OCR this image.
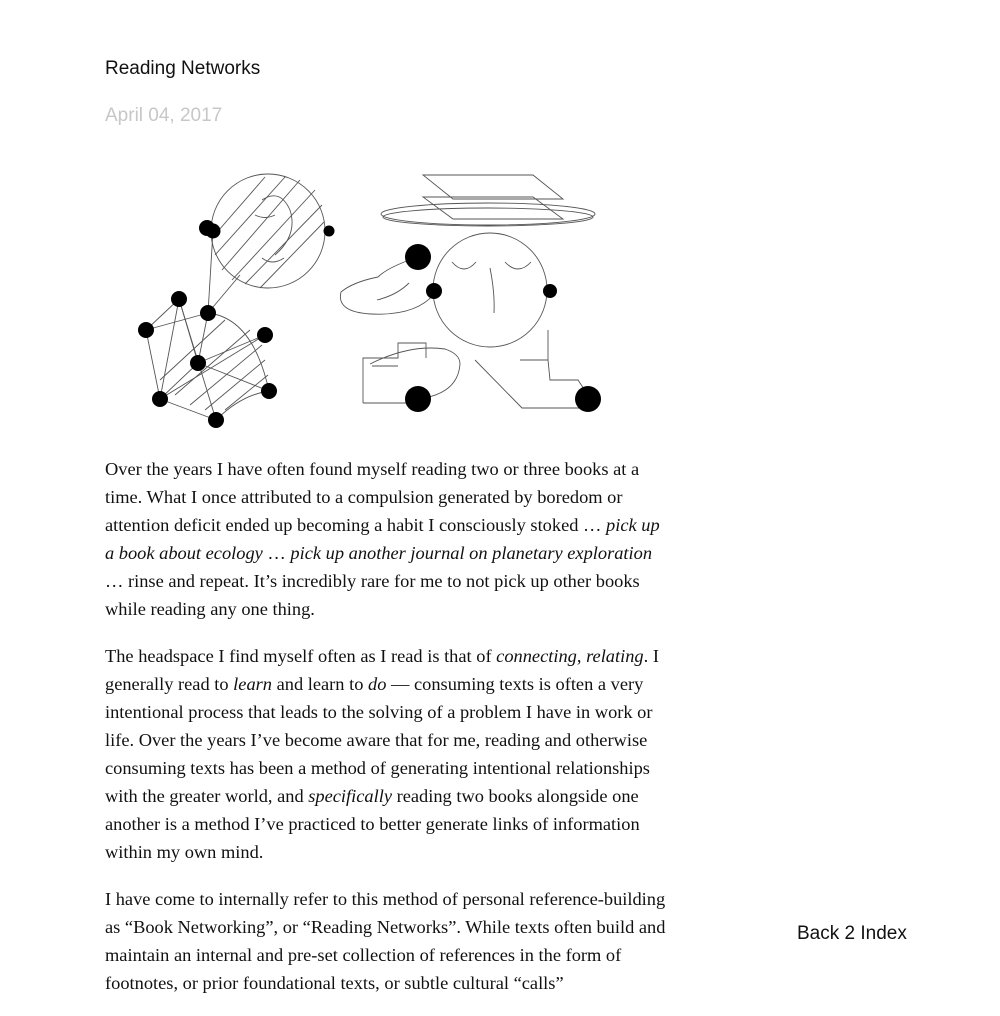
Reading Networks
April 04, 2017

Over the years I have often found myself reading two or three books at a time. What I once attributed to a compulsion generated by boredom or attention deficit ended up becoming a habit I consciously stoked … pick up a book about ecology … pick up another journal on planetary exploration … rinse and repeat. It’s incredibly rare for me to not pick up other books while reading any one thing.

The headspace I find myself often as I read is that of connecting, relating. I generally read to learn and learn to do — consuming texts is often a very intentional process that leads to the solving of a problem I have in work or life. Over the years I’ve become aware that for me, reading and otherwise consuming texts has been a method of generating intentional relationships with the greater world, and specifically reading two books alongside one another is a method I’ve practiced to better generate links of information within my own mind.

I have come to internally refer to this method of personal reference-building as “Book Networking”, or “Reading Networks”. While texts often build and maintain an internal and pre-set collection of references in the form of footnotes, or prior foundational texts, or subtle cultural “calls”

Back 2 Index
